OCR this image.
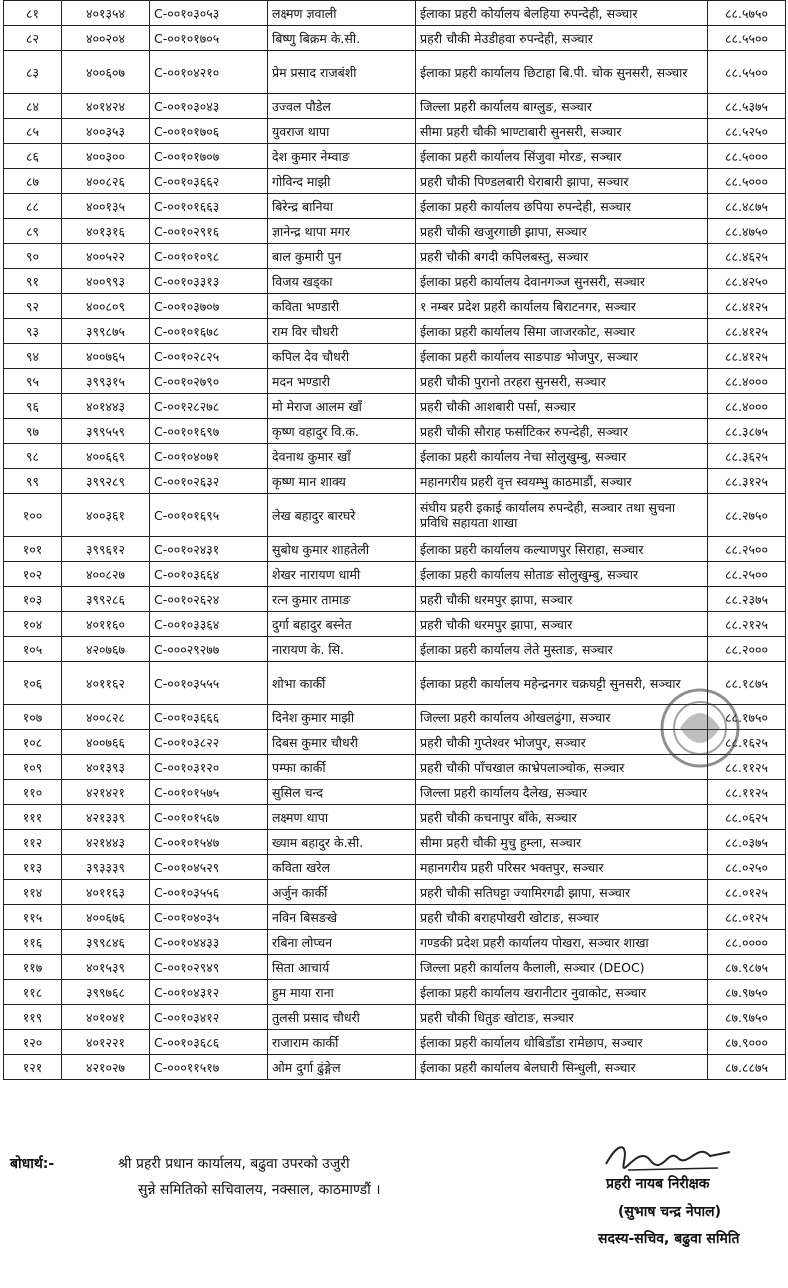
८१	४०१३५४	C-००१०३०५३	लक्ष्मण ज्ञवाली	ईलाका प्रहरी कोर्यालय बेलहिया रुपन्देही, सञ्चार	८८.५७५०
८२	४००२०४	C-००१०१७०५	बिष्णु बिक्रम के.सी.	प्रहरी चौकी मेउडीहवा रुपन्देही, सञ्चार	८८.५५००
८३	४००६०७	C-००१०४२१०	प्रेम प्रसाद राजबंशी	ईलाका प्रहरी कार्यालय छिटाहा बि.पी. चोक सुनसरी, सञ्चार	८८.५५००
८४	४०१४२४	C-००१०३०४३	उज्वल पौडेल	जिल्ला प्रहरी कार्यालय बाग्लुङ, सञ्चार	८८.५३७५
८५	४००३५३	C-००१०१७०६	युवराज थापा	सीमा प्रहरी चौकी भाण्टाबारी सुनसरी, सञ्चार	८८.५२५०
८६	४००३००	C-००१०१७०७	देश कुमार नेम्वाङ	ईलाका प्रहरी कार्यालय सिंजुवा मोरङ, सञ्चार	८८.५०००
८७	४००८२६	C-००१०३६६२	गोविन्द माझी	प्रहरी चौकी पिण्डलबारी घेराबारी झापा, सञ्चार	८८.५०००
८८	४००१३५	C-००१०१६६३	बिरेन्द्र बानिया	ईलाका प्रहरी कार्यालय छपिया रुपन्देही, सञ्चार	८८.४८७५
८९	४०१३१६	C-००१०२९१६	ज्ञानेन्द्र थापा मगर	प्रहरी चौकी खजुरगाछी झापा, सञ्चार	८८.४७५०
९०	४००५२२	C-००१०१०९८	बाल कुमारी पुन	प्रहरी चौकी बगदी कपिलबस्तु, सञ्चार	८८.४६२५
९१	४००९९३	C-००१०३३१३	विजय खड्का	ईलाका प्रहरी कार्यालय देवानगञ्ज सुनसरी, सञ्चार	८८.४२५०
९२	४००८०९	C-००१०३७०७	कविता भण्डारी	१ नम्बर प्रदेश प्रहरी कार्यालय बिराटनगर, सञ्चार	८८.४१२५
९३	३९९८७५	C-००१०१६७८	राम विर चौधरी	ईलाका प्रहरी कार्यालय सिमा जाजरकोट, सञ्चार	८८.४१२५
९४	४००७६५	C-००१०२८२५	कपिल देव चौधरी	ईलाका प्रहरी कार्यालय साङपाङ भोजपुर, सञ्चार	८८.४१२५
९५	३९९३१५	C-००१०२७९०	मदन भण्डारी	प्रहरी चौकी पुरानो तरहरा सुनसरी, सञ्चार	८८.४०००
९६	४०१४४३	C-००१२८२७८	मो मेराज आलम खाँ	प्रहरी चौकी आशबारी पर्सा, सञ्चार	८८.४०००
९७	३९९५५९	C-००१०१६९७	कृष्ण वहादुर वि.क.	प्रहरी चौकी सौराह फर्साटिकर रुपन्देही, सञ्चार	८८.३८७५
९८	४००६६९	C-००१०४०७१	देवनाथ कुमार खाँ	ईलाका प्रहरी कार्यालय नेचा सोलुखुम्बु, सञ्चार	८८.३६२५
९९	३९९२८९	C-००१०२६३२	कृष्ण मान शाक्य	महानगरीय प्रहरी वृत्त स्वयम्भु काठमाडौं, सञ्चार	८८.३१२५
१००	४००३६१	C-००१०१६९५	लेख बहादुर बारघरे	संघीय प्रहरी इकाई कार्यालय रुपन्देही, सञ्चार तथा सुचना प्रविधि सहायता शाखा	८८.२७५०
१०१	३९९६१२	C-००१०२४३१	सुबोध कुमार शाहतेली	ईलाका प्रहरी कार्यालय कल्याणपुर सिराहा, सञ्चार	८८.२५००
१०२	४००८२७	C-००१०३६६४	शेखर नारायण धामी	ईलाका प्रहरी कार्यालय सोताङ सोलुखुम्बु, सञ्चार	८८.२५००
१०३	३९९२८६	C-००१०२६२४	रत्न कुमार तामाङ	प्रहरी चौकी धरमपुर झापा, सञ्चार	८८.२३७५
१०४	४०११६०	C-००१०३३६४	दुर्गा बहादुर बस्नेत	प्रहरी चौकी धरमपुर झापा, सञ्चार	८८.२१२५
१०५	४२०७६७	C-०००२९२७७	नारायण के. सि.	ईलाका प्रहरी कार्यालय लेते मुस्ताङ, सञ्चार	८८.२०००
१०६	४०११६२	C-००१०३५५५	शोभा कार्की	ईलाका प्रहरी कार्यालय महेन्द्रनगर चक्रघट्टी सुनसरी, सञ्चार	८८.१८७५
१०७	४००८२८	C-००१०३६६६	दिनेश कुमार माझी	जिल्ला प्रहरी कार्यालय ओखलढुंगा, सञ्चार	८८.१७५०
१०८	४००७६६	C-००१०३८२२	दिबस कुमार चौधरी	प्रहरी चौकी गुप्तेश्वर भोजपुर, सञ्चार	८८.१६२५
१०९	४०१३९३	C-००१०३१२०	पम्फा कार्की	प्रहरी चौकी पाँचखाल काभ्रेपलाञ्चोक, सञ्चार	८८.११२५
११०	४२१४२१	C-००१०१५७५	सुसिल चन्द	जिल्ला प्रहरी कार्यालय दैलेख, सञ्चार	८८.११२५
१११	४२१३३९	C-००१०१५६७	लक्ष्मण थापा	प्रहरी चौकी कचनापुर बाँके, सञ्चार	८८.०६२५
११२	४२१४४३	C-००१०१५४७	ख्याम बहादुर के.सी.	सीमा प्रहरी चौकी मुचु हुम्ला, सञ्चार	८८.०३७५
११३	३९३३३९	C-००१०४५२९	कविता खरेल	महानगरीय प्रहरी परिसर भक्तपुर, सञ्चार	८८.०२५०
११४	४०११६३	C-००१०३५५६	अर्जुन कार्की	प्रहरी चौकी सतिघट्टा ज्यामिरगढी झापा, सञ्चार	८८.०१२५
११५	४००६७६	C-००१०४०३५	नविन बिसङखे	प्रहरी चौकी बराहपोखरी खोटाङ, सञ्चार	८८.०१२५
११६	३९९८४६	C-००१०४४३३	रबिना लोप्चन	गण्डकी प्रदेश प्रहरी कार्यालय पोखरा, सञ्चार शाखा	८८.००००
११७	४०१५३९	C-००१०२९४९	सिता आचार्य	जिल्ला प्रहरी कार्यालय कैलाली, सञ्चार (DEOC)	८७.९८७५
११८	३९९७६८	C-००१०४३१२	हुम माया राना	ईलाका प्रहरी कार्यालय खरानीटार नुवाकोट, सञ्चार	८७.९७५०
११९	४०१०४१	C-००१०३४१२	तुलसी प्रसाद चौधरी	प्रहरी चौकी धितुङ खोटाङ, सञ्चार	८७.९७५०
१२०	४०१२२१	C-००१०३६८६	राजाराम कार्की	ईलाका प्रहरी कार्यालय धोबिडाँडा रामेछाप, सञ्चार	८७.९०००
१२१	४२१०२७	C-०००११५१७	ओम दुर्गा ढुंङ्गेल	ईलाका प्रहरी कार्यालय बेलघारी सिन्धुली, सञ्चार	८७.८८७५
बोधार्थ:-	श्री प्रहरी प्रधान कार्यालय, बढुवा उपरको उजुरी
सुन्ने समितिको सचिवालय, नक्साल, काठमाण्डौं ।	प्रहरी नायब निरीक्षक
(सुभाष चन्द्र नेपाल)
सदस्य-सचिव, बढुवा समिति
